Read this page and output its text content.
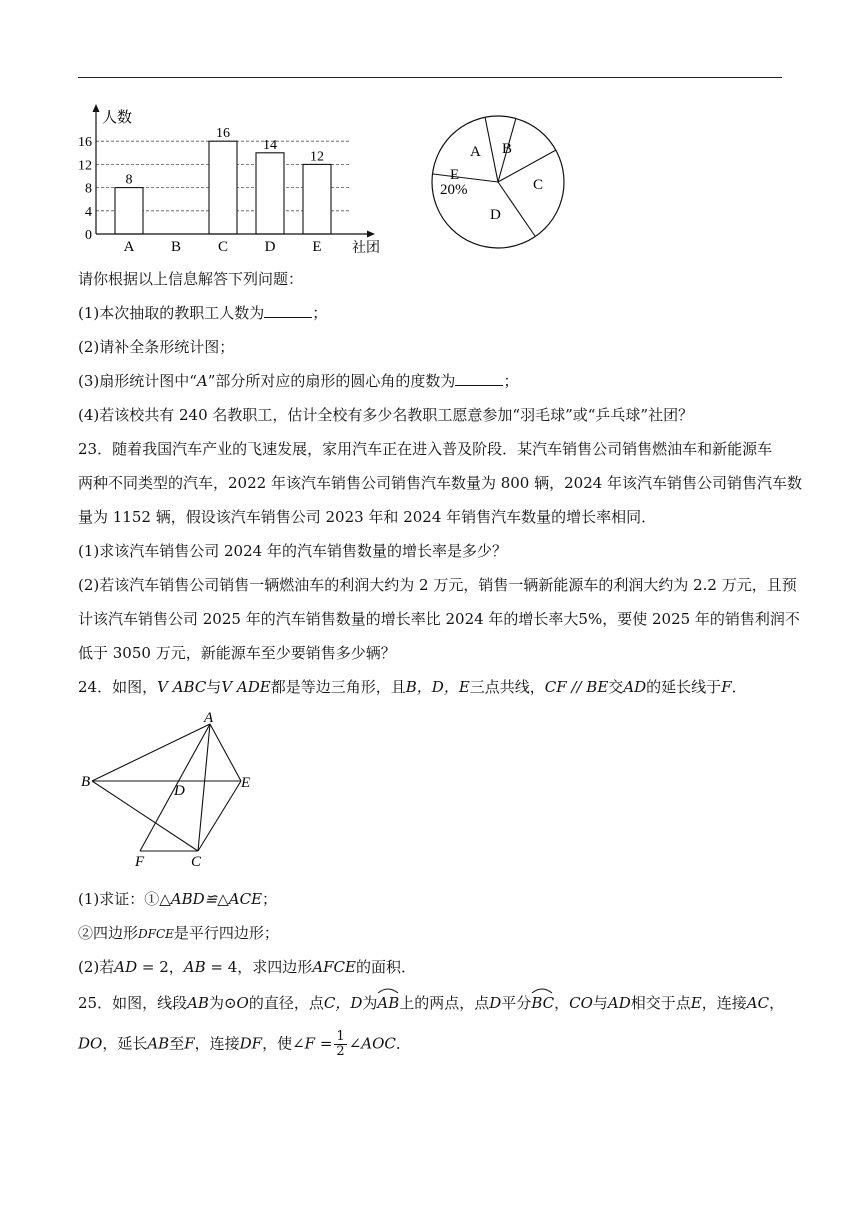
0
4
8
12
16
8
A B
16
C
14
D
12
E
人数
社团
A B
C
D
E
20%
请你根据以上信息解答下列问题：
(1)本次抽取的教职工人数为	；
(2)请补全条形统计图；
(3)扇形统计图中“A”部分所对应的扇形的圆心角的度数为	；
(4)若该校共有 240 名教职工，估计全校有多少名教职工愿意参加“羽毛球”或“乒乓球”社团？
23．随着我国汽车产业的飞速发展，家用汽车正在进入普及阶段．某汽车销售公司销售燃油车和新能源车
两种不同类型的汽车，2022 年该汽车销售公司销售汽车数量为 800 辆，2024 年该汽车销售公司销售汽车数
量为 1152 辆，假设该汽车销售公司 2023 年和 2024 年销售汽车数量的增长率相同．
(1)求该汽车销售公司 2024 年的汽车销售数量的增长率是多少？
(2)若该汽车销售公司销售一辆燃油车的利润大约为 2 万元，销售一辆新能源车的利润大约为 2.2 万元，且预
计该汽车销售公司 2025 年的汽车销售数量的增长率比 2024 年的增长率大5%，要使 2025 年的销售利润不
低于 3050 万元，新能源车至少要销售多少辆？
24．如图，V ABC与V ADE都是等边三角形，且B，D，E三点共线，CF // BE交AD的延长线于F．
A
B
D	E
F	C
(1)求证：①△ABD≌△ACE；
②四边形DFCE是平行四边形；
(2)若AD = 2，AB = 4，求四边形AFCE的面积．
25．如图，线段AB为⊙O的直径，点C，D为
AB上的两点，点D平分
BC，CO与AD相交于点E，连接AC，
DO，延长AB至F，连接DF，使∠F = $\frac{1}{2}$ ∠AOC．
